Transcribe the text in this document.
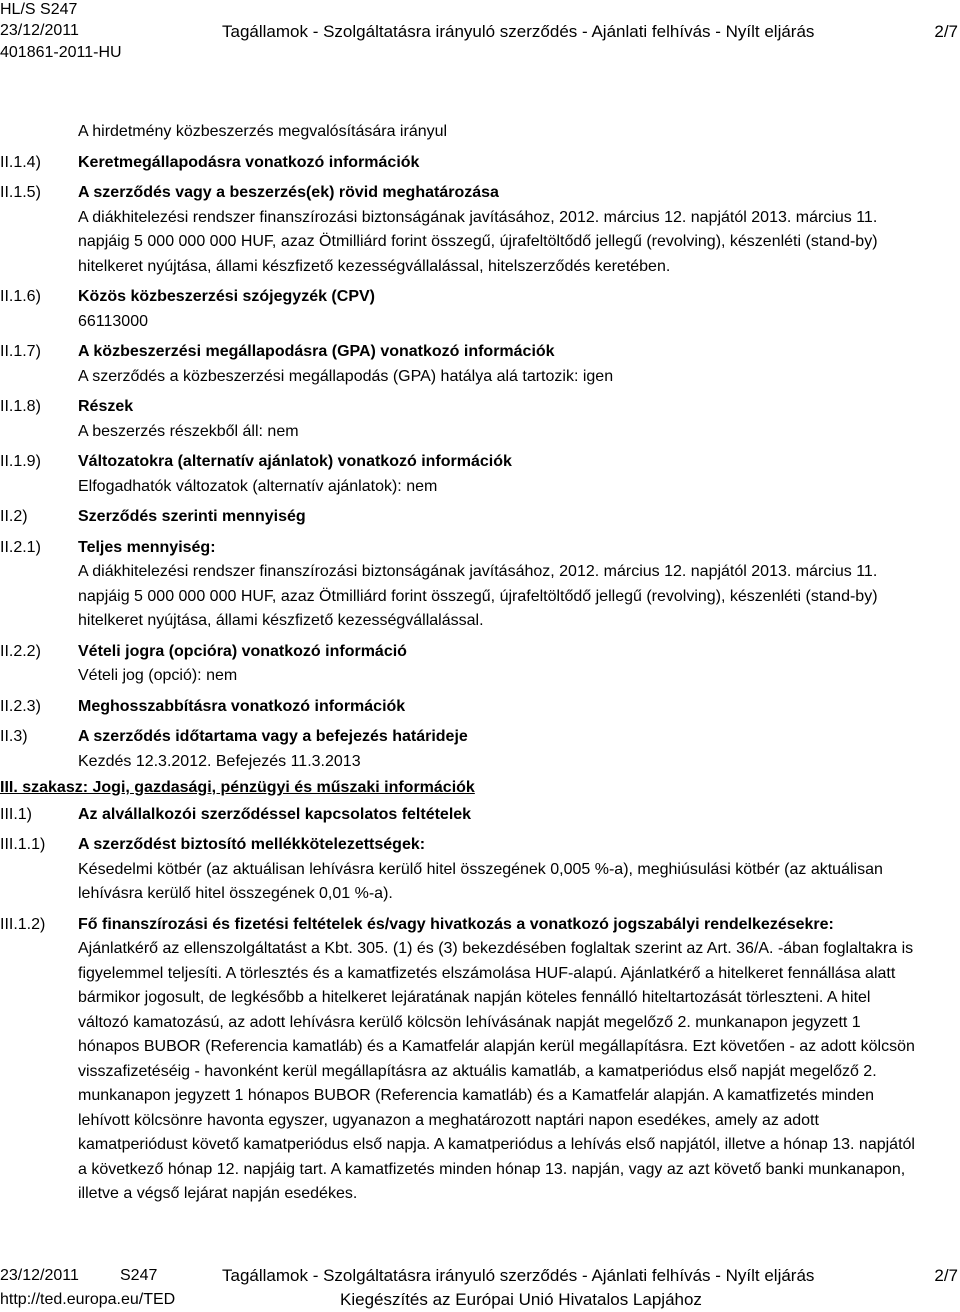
HL/S S247
23/12/2011
401861-2011-HU
Tagállamok - Szolgáltatásra irányuló szerződés - Ajánlati felhívás - Nyílt eljárás	2/7
A hirdetmény közbeszerzés megvalósítására irányul
II.1.4) Keretmegállapodásra vonatkozó információk
II.1.5) A szerződés vagy a beszerzés(ek) rövid meghatározása
A diákhitelezési rendszer finanszírozási biztonságának javításához, 2012. március 12. napjától 2013. március 11. napjáig 5 000 000 000 HUF, azaz Ötmilliárd forint összegű, újrafeltöltődő jellegű (revolving), készenléti (stand-by) hitelkeret nyújtása, állami készfizető kezességvállalással, hitelszerződés keretében.
II.1.6) Közös közbeszerzési szójegyzék (CPV)
66113000
II.1.7) A közbeszerzési megállapodásra (GPA) vonatkozó információk
A szerződés a közbeszerzési megállapodás (GPA) hatálya alá tartozik: igen
II.1.8) Részek
A beszerzés részekből áll: nem
II.1.9) Változatokra (alternatív ajánlatok) vonatkozó információk
Elfogadhatók változatok (alternatív ajánlatok): nem
II.2)	Szerződés szerinti mennyiség
II.2.1) Teljes mennyiség:
A diákhitelezési rendszer finanszírozási biztonságának javításához, 2012. március 12. napjától 2013. március 11. napjáig 5 000 000 000 HUF, azaz Ötmilliárd forint összegű, újrafeltöltődő jellegű (revolving), készenléti (stand-by) hitelkeret nyújtása, állami készfizető kezességvállalással.
II.2.2) Vételi jogra (opcióra) vonatkozó információ
Vételi jog (opció): nem
II.2.3) Meghosszabbításra vonatkozó információk
II.3)	A szerződés időtartama vagy a befejezés határideje
Kezdés 12.3.2012. Befejezés 11.3.2013
III. szakasz: Jogi, gazdasági, pénzügyi és műszaki információk
III.1)	Az alvállalkozói szerződéssel kapcsolatos feltételek
III.1.1) A szerződést biztosító mellékkötelezettségek:
Késedelmi kötbér (az aktuálisan lehívásra kerülő hitel összegének 0,005 %-a), meghiúsulási kötbér (az aktuálisan lehívásra kerülő hitel összegének 0,01 %-a).
III.1.2) Fő finanszírozási és fizetési feltételek és/vagy hivatkozás a vonatkozó jogszabályi rendelkezésekre:
Ajánlatkérő az ellenszolgáltatást a Kbt. 305. (1) és (3) bekezdésében foglaltak szerint az Art. 36/A. -ában foglaltakra is figyelemmel teljesíti. A törlesztés és a kamatfizetés elszámolása HUF-alapú. Ajánlatkérő a hitelkeret fennállása alatt bármikor jogosult, de legkésőbb a hitelkeret lejáratának napján köteles fennálló hiteltartozását törleszteni. A hitel változó kamatozású, az adott lehívásra kerülő kölcsön lehívásának napját megelőző 2. munkanapon jegyzett 1 hónapos BUBOR (Referencia kamatláb) és a Kamatfelár alapján kerül megállapításra. Ezt követően - az adott kölcsön visszafizetéséig - havonként kerül megállapításra az aktuális kamatláb, a kamatperiódus első napját megelőző 2. munkanapon jegyzett 1 hónapos BUBOR (Referencia kamatláb) és a Kamatfelár alapján. A kamatfizetés minden lehívott kölcsönre havonta egyszer, ugyanazon a meghatározott naptári napon esedékes, amely az adott kamatperiódust követő kamatperiódus első napja. A kamatperiódus a lehívás első napjától, illetve a hónap 13. napjától a következő hónap 12. napjáig tart. A kamatfizetés minden hónap 13. napján, vagy az azt követő banki munkanapon, illetve a végső lejárat napján esedékes.
23/12/2011	S247	Tagállamok - Szolgáltatásra irányuló szerződés - Ajánlati felhívás - Nyílt eljárás	2/7
http://ted.europa.eu/TED	Kiegészítés az Európai Unió Hivatalos Lapjához
